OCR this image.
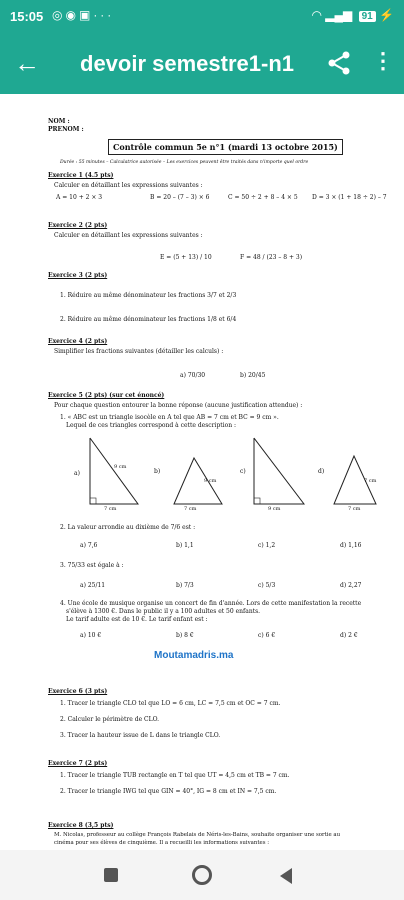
15:05 ◎◉▣···	◠ ▂▄▆ 91 ⚡
← devoir semestre1-n1	⋮
NOM :
PRENOM :
Contrôle commun 5e n°1 (mardi 13 octobre 2015)
Durée : 55 minutes – Calculatrice autorisée – Les exercices peuvent être traités dans n'importe quel ordre
Exercice 1 (4.5 pts)
Calculer en détaillant les expressions suivantes :
A = 10 + 2 × 3	B = 20 – (7 – 3) × 6	C = 50 ÷ 2 + 8 – 4 × 5 D = 3 × (1 + 18 ÷ 2) – 7
Exercice 2 (2 pts)
Calculer en détaillant les expressions suivantes :
E = (5 + 13) / 10	F = 48 / (23 – 8 + 3)
Exercice 3 (2 pts)
1. Réduire au même dénominateur les fractions 3/7 et 2/3
2. Réduire au même dénominateur les fractions 1/8 et 6/4
Exercice 4 (2 pts)
Simplifier les fractions suivantes (détailler les calculs) :
a) 70/30	b) 20/45
Exercice 5 (2 pts) (sur cet énoncé)
Pour chaque question entourer la bonne réponse (aucune justification attendue) :
1. « ABC est un triangle isocèle en A tel que AB = 7 cm et BC = 9 cm ».
Lequel de ces triangles correspond à cette description :
a)	b)	c)	d)
9 cm
7 cm
9 cm
9 cm	7 cm
7 cm
7 cm
2. La valeur arrondie au dixième de 7/6 est :
a) 7,6	b) 1,1	c) 1,2	d) 1,16
3. 75/33 est égale à :
a) 25/11	b) 7/3	c) 5/3	d) 2,27
4. Une école de musique organise un concert de fin d'année. Lors de cette manifestation la recette
s'élève à 1300 €. Dans le public il y a 100 adultes et 50 enfants.
Le tarif adulte est de 10 €. Le tarif enfant est :
a) 10 €	b) 8 €	c) 6 €	d) 2 €
Moutamadris.ma
Exercice 6 (3 pts)
1. Tracer le triangle CLO tel que LO = 6 cm, LC = 7,5 cm et OC = 7 cm.
2. Calculer le périmètre de CLO.
3. Tracer la hauteur issue de L dans le triangle CLO.
Exercice 7 (2 pts)
1. Tracer le triangle TUB rectangle en T tel que UT = 4,5 cm et TB = 7 cm.
2. Tracer le triangle IWG tel que GIN = 40°, IG = 8 cm et IN = 7,5 cm.
Exercice 8 (3,5 pts)
M. Nicolas, professeur au collège François Rabelais de Néris-les-Bains, souhaite organiser une sortie au
cinéma pour ses élèves de cinquième. Il a recueilli les informations suivantes :
